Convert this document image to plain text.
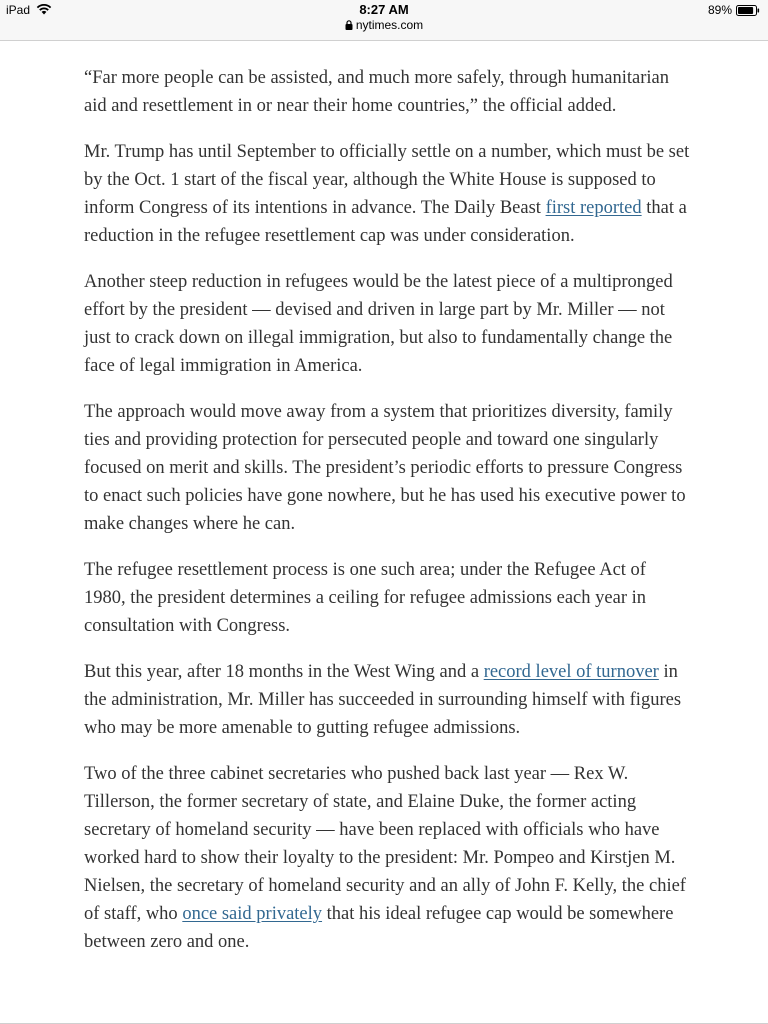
iPad	8:27 AM
nytimes.com
89%

“Far more people can be assisted, and much more safely, through humanitarian aid and resettlement in or near their home countries,” the official added.

Mr. Trump has until September to officially settle on a number, which must be set by the Oct. 1 start of the fiscal year, although the White House is supposed to inform Congress of its intentions in advance. The Daily Beast first reported that a reduction in the refugee resettlement cap was under consideration.

Another steep reduction in refugees would be the latest piece of a multipronged effort by the president — devised and driven in large part by Mr. Miller — not just to crack down on illegal immigration, but also to fundamentally change the face of legal immigration in America.

The approach would move away from a system that prioritizes diversity, family ties and providing protection for persecuted people and toward one singularly focused on merit and skills. The president’s periodic efforts to pressure Congress to enact such policies have gone nowhere, but he has used his executive power to make changes where he can.

The refugee resettlement process is one such area; under the Refugee Act of 1980, the president determines a ceiling for refugee admissions each year in consultation with Congress.

But this year, after 18 months in the West Wing and a record level of turnover in the administration, Mr. Miller has succeeded in surrounding himself with figures who may be more amenable to gutting refugee admissions.

Two of the three cabinet secretaries who pushed back last year — Rex W. Tillerson, the former secretary of state, and Elaine Duke, the former acting secretary of homeland security — have been replaced with officials who have worked hard to show their loyalty to the president: Mr. Pompeo and Kirstjen M. Nielsen, the secretary of homeland security and an ally of John F. Kelly, the chief of staff, who once said privately that his ideal refugee cap would be somewhere between zero and one.
